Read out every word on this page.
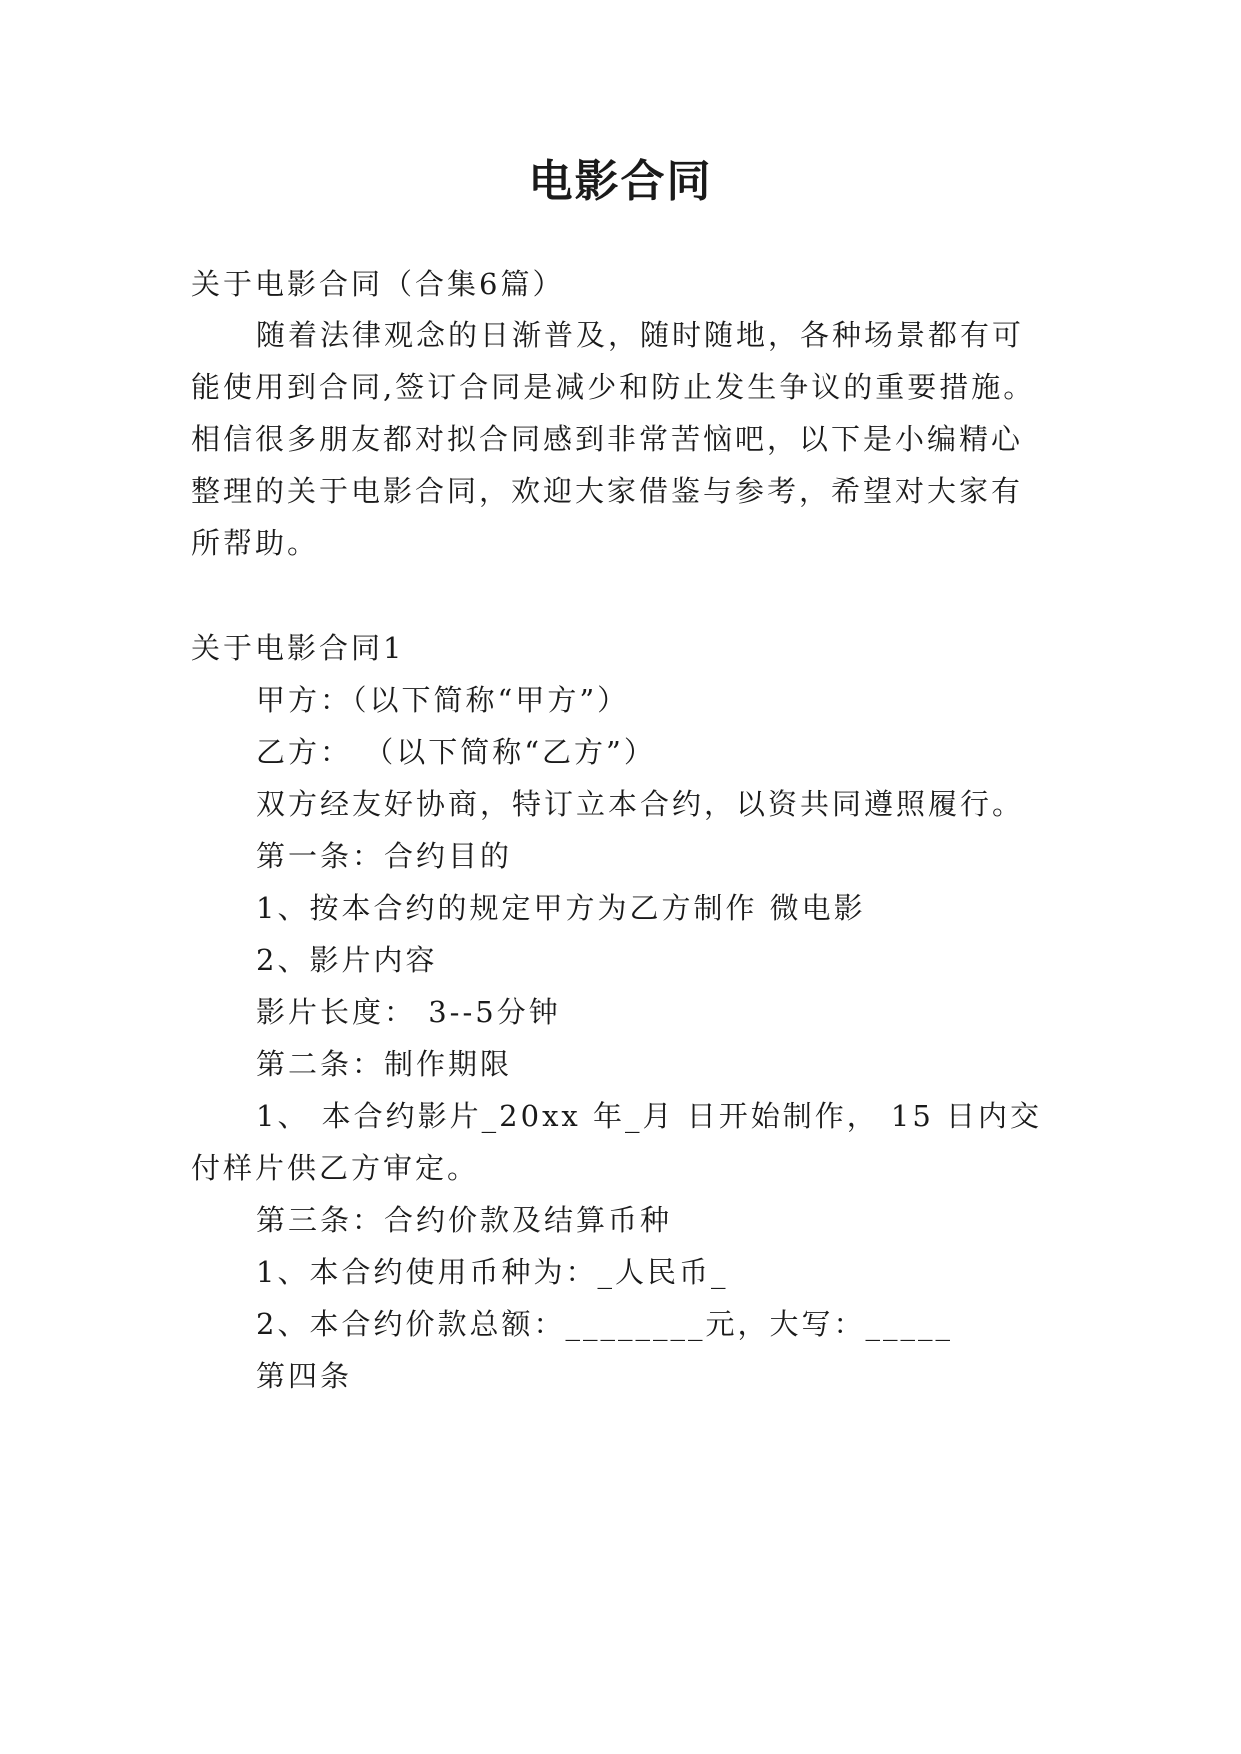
电影合同
关于电影合同（合集6篇）
随着法律观念的日渐普及，随时随地，各种场景都有可
能使用到合同,签订合同是减少和防止发生争议的重要措施。
相信很多朋友都对拟合同感到非常苦恼吧，以下是小编精心
整理的关于电影合同，欢迎大家借鉴与参考，希望对大家有
所帮助。
关于电影合同1
甲方：（以下简称“甲方”）
乙方： （以下简称“乙方”）
双方经友好协商，特订立本合约，以资共同遵照履行。
第一条：合约目的
1、按本合约的规定甲方为乙方制作 微电影
2、影片内容
影片长度： 3--5分钟
第二条：制作期限
1、 本合约影片_20xx 年_月 日开始制作， 15 日内交
付样片供乙方审定。
第三条：合约价款及结算币种
1、本合约使用币种为：_人民币_
2、本合约价款总额：________元，大写：_____
第四条
